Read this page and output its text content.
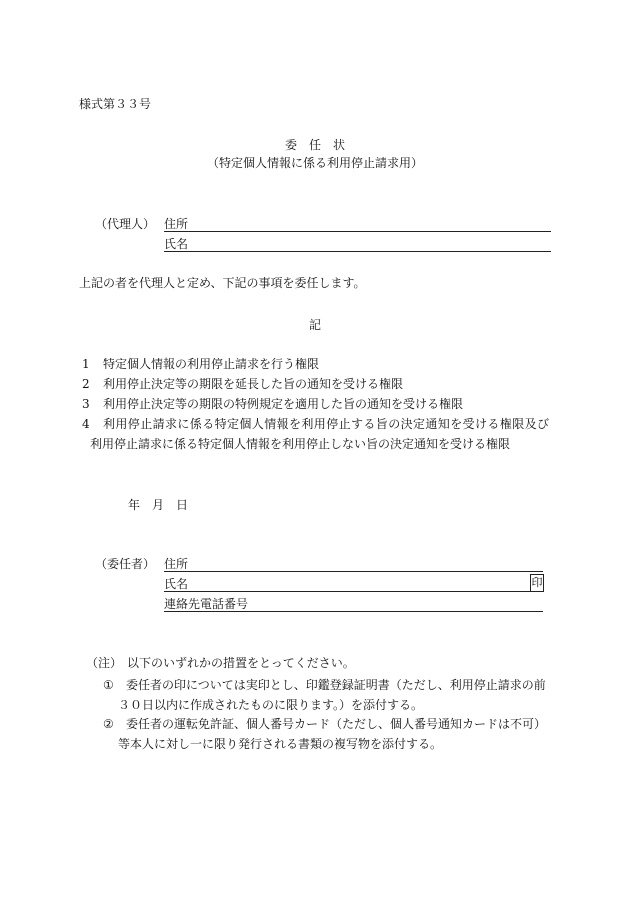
様式第３３号
委　任　状
（特定個人情報に係る利用停止請求用）
（代理人） 住所
氏名
上記の者を代理人と定め、下記の事項を委任します。
記
1 特定個人情報の利用停止請求を行う権限
2 利用停止決定等の期限を延長した旨の通知を受ける権限
3 利用停止決定等の期限の特例規定を適用した旨の通知を受ける権限
4 利用停止請求に係る特定個人情報を利用停止する旨の決定通知を受ける権限及び
利用停止請求に係る特定個人情報を利用停止しない旨の決定通知を受ける権限
年　月　日
（委任者） 住所
氏名	印
連絡先電話番号
（注） 以下のいずれかの措置をとってください。
① 委任者の印については実印とし、印鑑登録証明書（ただし、利用停止請求の前
３０日以内に作成されたものに限ります。）を添付する。
② 委任者の運転免許証、個人番号カード（ただし、個人番号通知カードは不可）
等本人に対し一に限り発行される書類の複写物を添付する。
